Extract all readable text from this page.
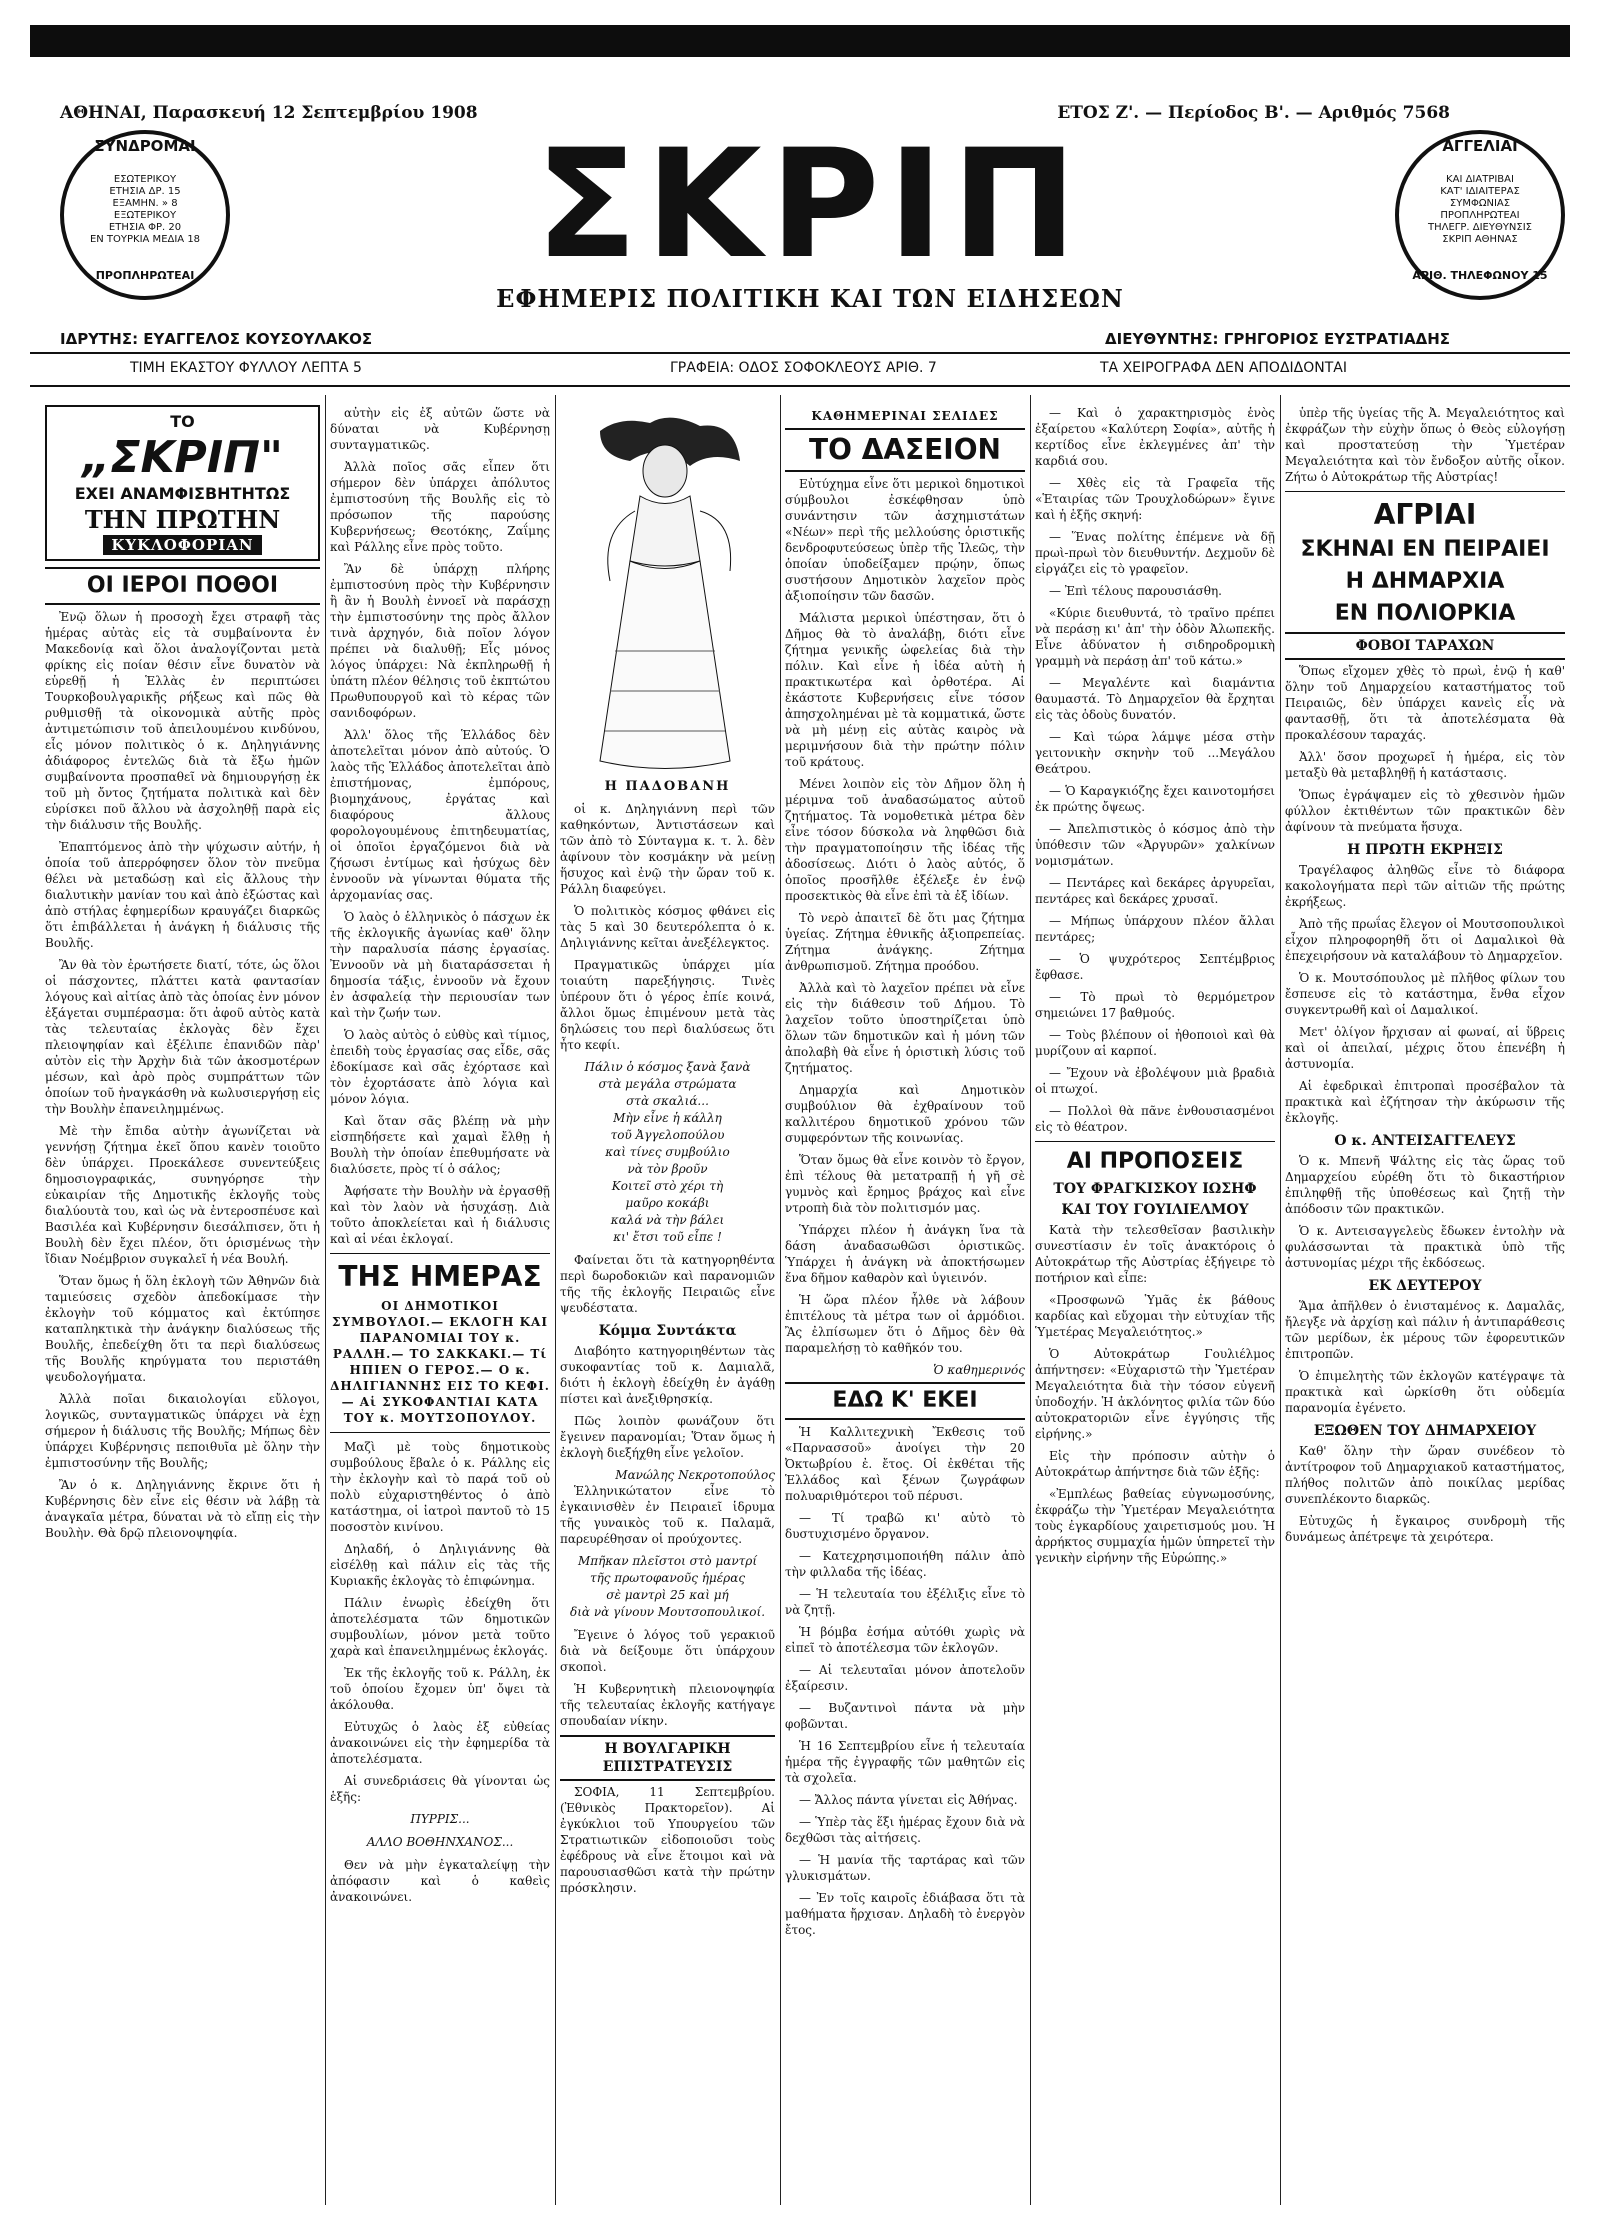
ΑΘΗΝΑΙ, Παρασκευή 12 Σεπτεμβρίου 1908	ΕΤΟΣ Ζ'. — Περίοδος Β'. — Αριθμός 7568
ΣΥΝΔΡΟΜΑΙ
ΕΣΩΤΕΡΙΚΟΥ
ΕΤΗΣΙΑ ΔΡ. 15
ΕΞΑΜΗΝ. » 8
ΕΞΩΤΕΡΙΚΟΥ
ΕΤΗΣΙΑ ΦΡ. 20
ΕΝ ΤΟΥΡΚΙΑ ΜΕΔΙΑ 18
ΠΡΟΠΛΗΡΩΤΕΑΙ	ΣΚΡΙΠ
ΕΦΗΜΕΡΙΣ ΠΟΛΙΤΙΚΗ ΚΑΙ ΤΩΝ ΕΙΔΗΣΕΩΝ
ΑΓΓΕΛΙΑΙ
ΚΑΙ ΔΙΑΤΡΙΒΑΙ
ΚΑΤ' ΙΔΙΑΙΤΕΡΑΣ
ΣΥΜΦΩΝΙΑΣ
ΠΡΟΠΛΗΡΩΤΕΑΙ
ΤΗΛΕΓΡ. ΔΙΕΥΘΥΝΣΙΣ
ΣΚΡΙΠ ΑΘΗΝΑΣ
ΑΡΙΘ. ΤΗΛΕΦΩΝΟΥ 15
ΙΔΡΥΤΗΣ: ΕΥΑΓΓΕΛΟΣ ΚΟΥΣΟΥΛΑΚΟΣ	ΔΙΕΥΘΥΝΤΗΣ: ΓΡΗΓΟΡΙΟΣ ΕΥΣΤΡΑΤΙΑΔΗΣ
ΤΙΜΗ ΕΚΑΣΤΟΥ ΦΥΛΛΟΥ ΛΕΠΤΑ 5	ΓΡΑΦΕΙΑ: ΟΔΟΣ ΣΟΦΟΚΛΕΟΥΣ ΑΡΙΘ. 7	ΤΑ ΧΕΙΡΟΓΡΑΦΑ ΔΕΝ ΑΠΟΔΙΔΟΝΤΑΙ
ΤΟ
„ΣΚΡΙΠ"
ΕΧΕΙ ΑΝΑΜΦΙΣΒΗΤΗΤΩΣ
ΤΗΝ ΠΡΩΤΗΝ
ΚΥΚΛΟΦΟΡΙΑΝ
ΟΙ ΙΕΡΟΙ ΠΟΘΟΙ

Ἐνῷ ὅλων ἡ προσοχὴ ἔχει στραφῆ τὰς ἡμέρας αὐτὰς εἰς τὰ συμβαίνοντα ἐν Μακεδονίᾳ καὶ ὅλοι ἀναλογίζονται μετὰ φρίκης εἰς ποίαν θέσιν εἶνε δυνατὸν νὰ εὑρεθῇ ἡ Ἑλλὰς ἐν περιπτώσει Τουρκοβουλγαρικῆς ρήξεως καὶ πῶς θὰ ρυθμισθῇ τὰ οἰκονομικὰ αὐτῆς πρὸς ἀντιμετώπισιν τοῦ ἀπειλουμένου κινδύνου, εἷς μόνον πολιτικὸς ὁ κ. Δηληγιάννης ἀδιάφορος ἐντελῶς διὰ τὰ ἔξω ἡμῶν συμβαίνοντα προσπαθεῖ νὰ δημιουργήσῃ ἐκ τοῦ μὴ ὄντος ζητήματα πολιτικὰ καὶ δὲν εὑρίσκει ποῦ ἄλλου νὰ ἀσχοληθῇ παρὰ εἰς τὴν διάλυσιν τῆς Βουλῆς.

Ἐπαπτόμενος ἀπὸ τὴν ψύχωσιν αὐτήν, ἡ ὁποία τοῦ ἀπερρόφησεν ὅλον τὸν πνεῦμα θέλει νὰ μεταδώσῃ καὶ εἰς ἄλλους τὴν διαλυτικὴν μανίαν του καὶ ἀπὸ ἐξώστας καὶ ἀπὸ στήλας ἐφημερίδων κραυγάζει διαρκῶς ὅτι ἐπιβάλλεται ἡ ἀνάγκη ἡ διάλυσις τῆς Βουλῆς.

Ἂν θὰ τὸν ἐρωτήσετε διατί, τότε, ὡς ὅλοι οἱ πάσχοντες, πλάττει κατὰ φαντασίαν λόγους καὶ αἰτίας ἀπὸ τὰς ὁποίας ἐνν μόνον ἐξάγεται συμπέρασμα: ὅτι ἀφοῦ αὐτὸς κατὰ τὰς τελευταίας ἐκλογὰς δὲν ἔχει πλειοψηφίαν καὶ ἐξέλιπε ἐπανιδῶν πὰρ' αὐτὸν εἰς τὴν Ἀρχὴν διὰ τῶν ἀκοσμοτέρων μέσων, καὶ ἀρὸ πρὸς συμπράττων τῶν ὁποίων τοῦ ἠναγκάσθη νὰ κωλυσιεργήσῃ εἰς τὴν Βουλὴν ἐπανειλημμένως.

Μὲ τὴν ἔπιδα αὐτὴν ἀγωνίζεται νὰ γεννήσῃ ζήτημα ἐκεῖ ὅπου κανὲν τοιοῦτο δὲν ὑπάρχει. Προεκάλεσε συνεντεύξεις δημοσιογραφικάς, συνηγόρησε τὴν εὐκαιρίαν τῆς Δημοτικῆς ἐκλογῆς τοὺς διαλύουτὰ του, καὶ ὡς νὰ ἐντεροσπέυσε καὶ Βασιλέα καὶ Κυβέρνησιν διεσάλπισεν, ὅτι ἡ Βουλὴ δὲν ἔχει πλέον, ὅτι ὁρισμένως τὴν ἴδιαν Νοέμβριον συγκαλεῖ ἡ νέα Βουλή.

Ὅταν ὅμως ἡ ὅλη ἐκλογὴ τῶν Ἀθηνῶν διὰ ταμιεύσεις σχεδὸν ἀπεδοκίμασε τὴν ἐκλογὴν τοῦ κόμματος καὶ ἐκτύπησε καταπληκτικὰ τὴν ἀνάγκην διαλύσεως τῆς Βουλῆς, ἐπεδείχθη ὅτι τα περὶ διαλύσεως τῆς Βουλῆς κηρύγματα του περιστάθη ψευδολογήματα.

Ἀλλὰ ποῖαι δικαιολογίαι εὔλογοι, λογικῶς, συνταγματικῶς ὑπάρχει νὰ ἐχῃ σήμερον ἡ διάλυσις τῆς Βουλῆς; Μήπως δὲν ὑπάρχει Κυβέρνησις πεποιθυῖα μὲ ὅλην τὴν ἐμπιστοσύνην τῆς Βουλῆς;

Ἂν ὁ κ. Δηληγιάννης ἔκρινε ὅτι ἡ Κυβέρνησις δὲν εἶνε εἰς θέσιν νὰ λάβῃ τὰ ἀναγκαῖα μέτρα, δύναται νὰ τὸ εἴπῃ εἰς τὴν Βουλὴν. Θὰ δρῷ πλειονοψηφία.

αὐτὴν εἰς ἐξ αὐτῶν ὥστε νὰ δύναται νὰ Κυβέρνησῃ συνταγματικῶς.

Ἀλλὰ ποῖος σᾶς εἶπεν ὅτι σήμερον δὲν ὑπάρχει ἀπόλυτος ἐμπιστοσύνη τῆς Βουλῆς εἰς τὸ πρόσωπον τῆς παρούσης Κυβερνήσεως; Θεοτόκης, Ζαΐμης καὶ Ράλλης εἶνε πρὸς τοῦτο.

Ἂν δὲ ὑπάρχῃ πλήρης ἐμπιστοσύνη πρὸς τὴν Κυβέρνησιν ἢ ἂν ἡ Βουλὴ ἐννοεῖ νὰ παράσχῃ τὴν ἐμπιστοσύνην της πρὸς ἄλλον τινὰ ἀρχηγόν, διὰ ποῖον λόγον πρέπει νὰ διαλυθῇ; Εἷς μόνος λόγος ὑπάρχει: Νὰ ἐκπληρωθῇ ἡ ὑπάτη πλέον θέλησις τοῦ ἐκπτώτου Πρωθυπουργοῦ καὶ τὸ κέρας τῶν σανιδοφόρων.

Ἀλλ' ὅλος τῆς Ἑλλάδος δὲν ἀποτελεῖται μόνον ἀπὸ αὐτούς. Ὁ λαὸς τῆς Ἑλλάδος ἀποτελεῖται ἀπὸ ἐπιστήμονας, ἐμπόρους, βιομηχάνους, ἐργάτας καὶ διαφόρους ἄλλους φορολογουμένους ἐπιτηδευματίας, οἱ ὁποῖοι ἐργαζόμενοι διὰ νὰ ζήσωσι ἐντίμως καὶ ἡσύχως δὲν ἐννοοῦν νὰ γίνωνται θύματα τῆς ἀρχομανίας σας.

Ὁ λαὸς ὁ ἑλληνικὸς ὁ πάσχων ἐκ τῆς ἐκλογικῆς ἀγωνίας καθ' ὅλην τὴν παραλυσία πάσης ἐργασίας. Ἐννοοῦν νὰ μὴ διαταράσσεται ἡ δημοσία τάξις, ἐννοοῦν νὰ ἔχουν ἐν ἀσφαλείᾳ τὴν περιουσίαν των καὶ τὴν ζωήν των.

Ὁ λαὸς αὐτὸς ὁ εὐθὺς καὶ τίμιος, ἐπειδὴ τοὺς ἐργασίας σας εἶδε, σᾶς ἐδοκίμασε καὶ σᾶς ἐχόρτασε καὶ τὸν ἐχορτάσατε ἀπὸ λόγια καὶ μόνον λόγια.

Καὶ ὅταν σᾶς βλέπῃ νὰ μὴν εἰσπηδήσετε καὶ χαμαὶ ἔλθῃ ἡ Βουλὴ τὴν ὁποίαν ἐπεθυμήσατε νὰ διαλύσετε, πρὸς τί ὁ σάλος;

Ἀφήσατε τὴν Βουλὴν νὰ ἐργασθῇ καὶ τὸν λαὸν νὰ ἡσυχάσῃ. Διὰ τοῦτο ἀποκλείεται καὶ ἡ διάλυσις καὶ αἱ νέαι ἐκλογαί.

ΤΗΣ ΗΜΕΡΑΣ
ΟΙ ΔΗΜΟΤΙΚΟΙ ΣΥΜΒΟΥΛΟΙ.— ΕΚΛΟΓΗ ΚΑΙ ΠΑΡΑΝΟΜΙΑΙ ΤΟΥ κ. ΡΑΛΛΗ.— ΤΟ ΣΑΚΚΑΚΙ.— Τί ΗΠΙΕΝ Ο ΓΕΡΟΣ.— Ο κ. ΔΗΛΙΓΙΑΝΝΗΣ ΕΙΣ ΤΟ ΚΕΦΙ.— Αἱ ΣΥΚΟΦΑΝΤΙΑΙ ΚΑΤΑ ΤΟΥ κ. ΜΟΥΤΣΟΠΟΥΛΟΥ.

Μαζὶ μὲ τοὺς δημοτικοὺς συμβούλους ἔβαλε ὁ κ. Ράλλης εἰς τὴν ἐκλογὴν καὶ τὸ παρά τοῦ οὐ πολὺ εὐχαριστηθέντος ὁ ἀπὸ κατάστημα, οἱ ἰατροὶ παντοῦ τὸ 15 ποσοστὸν κινίνου.

Δηλαδή, ὁ Δηλιγιάννης θὰ εἰσέλθῃ καὶ πάλιν εἰς τὰς τῆς Κυριακῆς ἐκλογὰς τὸ ἐπιφώνημα.

Πάλιν ἐνωρὶς ἐδείχθη ὅτι ἀποτελέσματα τῶν δημοτικῶν συμβουλίων, μόνον μετὰ τοῦτο χαρὰ καὶ ἐπανειλημμένως ἐκλογάς.

Ἐκ τῆς ἐκλογῆς τοῦ κ. Ράλλη, ἐκ τοῦ ὁποίου ἔχομεν ὑπ' ὄψει τὰ ἀκόλουθα.

Εὐτυχῶς ὁ λαὸς ἐξ εὐθείας ἀνακοινώνει εἰς τὴν ἐφημερίδα τὰ ἀποτελέσματα.

Αἱ συνεδριάσεις θὰ γίνονται ὡς ἑξῆς:

ΠΥΡΡΙΣ...
ΑΛΛΟ ΒΟΘΗΝΧΑΝΟΣ...

Θεν νὰ μὴν ἐγκαταλείψῃ τὴν ἀπόφασιν καὶ ὁ καθεὶς ἀνακοινώνει.

Η ΠΑΔΟΒΑΝΗ

οἱ κ. Δηληγιάννη περὶ τῶν καθηκόντων, Ἀντιστάσεων καὶ τῶν ἀπὸ τὸ Σύνταγμα κ. τ. λ. δὲν ἀφίνουν τὸν κοσμάκην νὰ μείνῃ ἥσυχος καὶ ἐνῷ τὴν ὥραν τοῦ κ. Ράλλη διαφεύγει.

Ὁ πολιτικὸς κόσμος φθάνει εἰς τὰς 5 καὶ 30 δευτερόλεπτα ὁ κ. Δηλιγιάννης κεῖται ἀνεξέλεγκτος.

Πραγματικῶς ὑπάρχει μία τοιαύτη παρεξήγησις. Τινὲς ὑπέρουν ὅτι ὁ γέρος ἐπίε κοινά, ἄλλοι ὅμως ἐπιμένουν μετὰ τὰς δηλώσεις του περὶ διαλύσεως ὅτι ἦτο κεφίι.

Πάλιν ὁ κόσμος ξανὰ ξανὰ
στὰ μεγάλα στρώματα
στὰ σκαλιά...
Μὴν εἶνε ἡ κάλλη
τοῦ Ἀγγελοπούλου
καὶ τίνες συμβούλιο
νὰ τὸν βροῦν
Κοιτεῖ στὸ χέρι τὴ
μαῦρο κοκάβι
καλά νὰ τὴν βάλει
κι' ἔτσι τοῦ εἶπε !

Φαίνεται ὅτι τὰ κατηγορηθέντα περὶ δωροδοκιῶν καὶ παρανομιῶν τῆς τῆς ἐκλογῆς Πειραιῶς εἶνε ψευδέστατα.

Κόμμα Συντάκτα

Διαβόητο κατηγοριηθέντων τὰς συκοφαντίας τοῦ κ. Δαμιαλᾶ, διότι ἡ ἐκλογὴ ἐδείχθη ἐν ἀγάθῃ πίστει καὶ ἀνεξιθρησκίᾳ.

Πῶς λοιπὸν φωνάζουν ὅτι ἔγεινεν παρανομίαι; Ὅταν ὅμως ἡ ἐκλογὴ διεξήχθη εἶνε γελοῖον.

Μανώλης Νεκροτοπούλος

Ἑλληνικώτατον εἶνε τὸ ἐγκαινισθὲν ἐν Πειραιεῖ ἱδρυμα τῆς γυναικὸς τοῦ κ. Παλαμᾶ, παρευρέθησαν οἱ προύχοντες.

Μπῆκαν πλεῖστοι στὸ μαντρί
τῆς πρωτοφανοῦς ἡμέρας
σὲ μαντρὶ 25 καὶ μή
διὰ νὰ γίνουν Μουτσοπουλικοί.

Ἔγεινε ὁ λόγος τοῦ γερακιοῦ διὰ νὰ δείξουμε ὅτι ὑπάρχουν σκοποὶ.

Ἡ Κυβερνητικὴ πλειονοψηφία τῆς τελευταίας ἐκλογῆς κατήγαγε σπουδαίαν νίκην.

Η ΒΟΥΛΓΑΡΙΚΗ ΕΠΙΣΤΡΑΤΕΥΣΙΣ

ΣΟΦΙΑ, 11 Σεπτεμβρίου. (Ἐθνικὸς Πρακτορεῖον). Αἱ ἐγκύκλιοι τοῦ Υπουργείου τῶν Στρατιωτικῶν εἰδοποιοῦσι τοὺς ἐφέδρους νὰ εἶνε ἕτοιμοι καὶ νὰ παρουσιασθῶσι κατὰ τὴν πρώτην πρόσκλησιν.

ΚΑΘΗΜΕΡΙΝΑΙ ΣΕΛΙΔΕΣ
ΤΟ ΔΑΣΕΙΟΝ

Εὐτύχημα εἶνε ὅτι μερικοὶ δημοτικοὶ σύμβουλοι ἐσκέφθησαν ὑπὸ συνάντησιν τῶν ἀσχημιστάτων «Νέων» περὶ τῆς μελλούσης ὁριστικῆς δενδροφυτεύσεως ὑπὲρ τῆς Ἱλεῶς, τὴν ὁποίαν ὑποδείξαμεν πρῴην, ὅπως συστήσουν Δημοτικὸν λαχεῖον πρὸς ἀξιοποίησιν τῶν δασῶν.

Μάλιστα μερικοὶ ὑπέστησαν, ὅτι ὁ Δῆμος θὰ τὸ ἀναλάβῃ, διότι εἶνε ζήτημα γενικῆς ὠφελείας διὰ τὴν πόλιν. Καὶ εἶνε ἡ ἰδέα αὐτὴ ἡ πρακτικωτέρα καὶ ὀρθοτέρα. Αἱ ἐκάστοτε Κυβερνήσεις εἶνε τόσον ἀπησχολημέναι μὲ τὰ κομματικά, ὥστε νὰ μὴ μένῃ εἰς αὐτὰς καιρὸς νὰ μεριμνήσουν διὰ τὴν πρώτην πόλιν τοῦ κράτους.

Μένει λοιπὸν εἰς τὸν Δῆμον ὅλη ἡ μέριμνα τοῦ ἀναδασώματος αὐτοῦ ζητήματος. Τὰ νομοθετικὰ μέτρα δὲν εἶνε τόσον δύσκολα νὰ ληφθῶσι διὰ τὴν πραγματοποίησιν τῆς ἰδέας τῆς ἀδοσίσεως. Διότι ὁ λαὸς αὐτός, ὅ ὁποῖος προσῆλθε ἐξέλεξε ἐν ἐνῷ προσεκτικὸς θὰ εἶνε ἐπὶ τὰ ἐξ ἰδίων.

Τὸ νερὸ ἀπαιτεῖ δὲ ὅτι μας ζήτημα ὑγείας. Ζήτημα ἐθνικῆς ἀξιοπρεπείας. Ζήτημα ἀνάγκης. Ζήτημα ἀνθρωπισμοῦ. Ζήτημα προόδου.

Ἀλλὰ καὶ τὸ λαχεῖον πρέπει νὰ εἶνε εἰς τὴν διάθεσιν τοῦ Δήμου. Τὸ λαχεῖον τοῦτο ὑποστηρίζεται ὑπὸ ὅλων τῶν δημοτικῶν καὶ ἡ μόνη τῶν ἀπολαβὴ θὰ εἶνε ἡ ὁριστικὴ λύσις τοῦ ζητήματος.

Δημαρχία καὶ Δημοτικὸν συμβούλιον θὰ ἐχθραίνουν τοῦ καλλιτέρου δημοτικοῦ χρόνου τῶν συμφερόντων τῆς κοινωνίας.

Ὅταν ὅμως θὰ εἶνε κοινὸν τὸ ἔργον, ἐπὶ τέλους θὰ μετατραπῇ ἡ γῆ σὲ γυμνὸς καὶ ἔρημος βράχος καὶ εἶνε ντροπὴ διὰ τὸν πολιτισμόν μας.

Ὑπάρχει πλέον ἡ ἀνάγκη ἵνα τὰ δάση ἀναδασωθῶσι ὁριστικῶς. Ὑπάρχει ἡ ἀνάγκη νὰ ἀποκτήσωμεν ἕνα δῆμον καθαρὸν καὶ ὑγιεινόν.

Ἡ ὥρα πλέον ἦλθε νὰ λάβουν ἐπιτέλους τὰ μέτρα των οἱ ἁρμόδιοι. Ἂς ἐλπίσωμεν ὅτι ὁ Δῆμος δὲν θὰ παραμελήσῃ τὸ καθῆκόν του.

Ὁ καθημερινός
ΕΔΩ Κ' ΕΚΕΙ

Ἡ Καλλιτεχνικὴ Ἔκθεσις τοῦ «Παρνασσοῦ» ἀνοίγει τὴν 20 Ὀκτωβρίου ἐ. ἔτος. Οἱ ἐκθέται τῆς Ἑλλάδος καὶ ξένων ζωγράφων πολυαριθμότεροι τοῦ πέρυσι.

— Τί τραβῶ κι' αὐτὸ τὸ δυστυχισμένο ὄργανον.

— Κατεχρησιμοποιήθη πάλιν ἀπὸ τὴν φιλλαδα τῆς ἰδέας.

— Ἡ τελευταία του ἐξέλιξις εἶνε τὸ νὰ ζητῇ.

Ἡ βόμβα ἐσήμα αὐτόθι χωρὶς νὰ εἰπεῖ τὸ ἀποτέλεσμα τῶν ἐκλογῶν.

— Αἱ τελευταῖαι μόνον ἀποτελοῦν ἐξαίρεσιν.

— Βυζαντινοὶ πάντα νὰ μὴν φοβῶνται.

Ἡ 16 Σεπτεμβρίου εἶνε ἡ τελευταία ἡμέρα τῆς ἐγγραφῆς τῶν μαθητῶν εἰς τὰ σχολεῖα.

— Ἄλλος πάντα γίνεται εἰς Ἀθήνας.

— Ὑπὲρ τὰς ἕξι ἡμέρας ἔχουν διὰ νὰ δεχθῶσι τὰς αἰτήσεις.

— Ἡ μανία τῆς ταρτάρας καὶ τῶν γλυκισμάτων.

— Ἐν τοῖς καιροῖς ἐδιάβασα ὅτι τὰ μαθήματα ἤρχισαν. Δηλαδὴ τὸ ἐνεργὸν ἔτος.

— Καὶ ὁ χαρακτηρισμὸς ἑνὸς ἐξαίρετου «Καλύτερη Σοφία», αὐτῆς ἡ κερτίδος εἶνε ἐκλεγμένες ἀπ' τὴν καρδιά σου.

— Χθὲς εἰς τὰ Γραφεῖα τῆς «Ἑταιρίας τῶν Τρουχλοδώρων» ἔγινε καὶ ἡ ἑξῆς σκηνή:

— Ἕνας πολίτης ἐπέμενε νὰ δῇ πρωὶ-πρωὶ τὸν διευθυντήν. Δεχμοῦν δὲ εἰργάζει εἰς τὸ γραφεῖον.

— Ἐπὶ τέλους παρουσιάσθη.

«Κύριε διευθυντά, τὸ τραῖνο πρέπει νὰ περάσῃ κι' ἀπ' τὴν ὁδὸν Ἀλωπεκῆς. Εἶνε ἀδύνατον ἡ σιδηροδρομικὴ γραμμὴ νὰ περάσῃ ἀπ' τοῦ κάτω.»

— Μεγαλέντε καὶ διαμάντια θαυμαστά. Τὸ Δημαρχεῖον θὰ ἔρχηται εἰς τὰς ὁδοὺς δυνατόν.

— Καὶ τώρα λάμψε μέσα στὴν γειτονικὴν σκηνὴν τοῦ ...Μεγάλου Θεάτρου.

— Ὁ Καραγκιόζης ἔχει καινοτομήσει ἐκ πρώτης ὄψεως.

— Ἀπελπιστικὸς ὁ κόσμος ἀπὸ τὴν ὑπόθεσιν τῶν «Ἀργυρῶν» χαλκίνων νομισμάτων.

— Πεντάρες καὶ δεκάρες ἀργυρεῖαι, πεντάρες καὶ δεκάρες χρυσαῖ.

— Μήπως ὑπάρχουν πλέον ἄλλαι πεντάρες;

— Ὁ ψυχρότερος Σεπτέμβριος ἔφθασε.

— Τὸ πρωὶ τὸ θερμόμετρον σημειώνει 17 βαθμούς.

— Τοὺς βλέπουν οἱ ἠθοποιοὶ καὶ θὰ μυρίζουν αἱ καρποί.

— Ἔχουν νὰ ἐβολέψουν μιὰ βραδιὰ οἱ πτωχοί.

— Πολλοὶ θὰ πᾶνε ἐνθουσιασμένοι εἰς τὸ θέατρον.

ΑΙ ΠΡΟΠΟΣΕΙΣ
ΤΟΥ ΦΡΑΓΚΙΣΚΟΥ ΙΩΣΗΦ
ΚΑΙ ΤΟΥ ΓΟΥΙΛΙΕΛΜΟΥ

Κατὰ τὴν τελεσθεῖσαν βασιλικὴν συνεστίασιν ἐν τοῖς ἀνακτόροις ὁ Αὐτοκράτωρ τῆς Αὐστρίας ἐξήγειρε τὸ ποτήριον καὶ εἶπε:

«Προσφωνῶ Ὑμᾶς ἐκ βάθους καρδίας καὶ εὔχομαι τὴν εὐτυχίαν τῆς Ὑμετέρας Μεγαλειότητος.»

Ὁ Αὐτοκράτωρ Γουλιέλμος ἀπήντησεν: «Εὐχαριστῶ τὴν Ὑμετέραν Μεγαλειότητα διὰ τὴν τόσον εὐγενῆ ὑποδοχήν. Ἡ ἀκλόνητος φιλία τῶν δύο αὐτοκρατοριῶν εἶνε ἐγγύησις τῆς εἰρήνης.»

Εἰς τὴν πρόποσιν αὐτὴν ὁ Αὐτοκράτωρ ἀπήντησε διὰ τῶν ἑξῆς:

«Ἐμπλέως βαθείας εὐγνωμοσύνης, ἐκφράζω τὴν Ὑμετέραν Μεγαλειότητα τοὺς ἐγκαρδίους χαιρετισμούς μου. Ἡ ἀρρήκτος συμμαχία ἡμῶν ὑπηρετεῖ τὴν γενικὴν εἰρήνην τῆς Εὐρώπης.»

ὑπὲρ τῆς ὑγείας τῆς Ἀ. Μεγαλειότητος καὶ ἐκφράζων τὴν εὐχὴν ὅπως ὁ Θεὸς εὐλογήσῃ καὶ προστατεύσῃ τὴν Ὑμετέραν Μεγαλειότητα καὶ τὸν ἔνδοξον αὐτῆς οἶκον. Ζήτω ὁ Αὐτοκράτωρ τῆς Αὐστρίας!

ΑΓΡΙΑΙ
ΣΚΗΝΑΙ ΕΝ ΠΕΙΡΑΙΕΙ
Η ΔΗΜΑΡΧΙΑ
ΕΝ ΠΟΛΙΟΡΚΙΑ
ΦΟΒΟΙ ΤΑΡΑΧΩΝ

Ὅπως εἴχομεν χθὲς τὸ πρωὶ, ἐνῷ ἡ καθ' ὅλην τοῦ Δημαρχείου καταστήματος τοῦ Πειραιῶς, δὲν ὑπάρχει κανεὶς εἷς νὰ φαντασθῇ, ὅτι τὰ ἀποτελέσματα θὰ προκαλέσουν ταραχάς.

Ἀλλ' ὅσον προχωρεῖ ἡ ἡμέρα, εἰς τὸν μεταξὺ θὰ μεταβληθῇ ἡ κατάστασις.

Ὅπως ἐγράψαμεν εἰς τὸ χθεσινὸν ἡμῶν φύλλον ἐκτιθέντων τῶν πρακτικῶν δὲν ἀφίνουν τὰ πνεύματα ἥσυχα.

Η ΠΡΩΤΗ ΕΚΡΗΞΙΣ

Τραγέλαφος ἀληθῶς εἶνε τὸ διάφορα κακολογήματα περὶ τῶν αἰτιῶν τῆς πρώτης ἐκρήξεως.

Ἀπὸ τῆς πρωΐας ἔλεγον οἱ Μουτσοπουλικοὶ εἶχον πληροφορηθῆ ὅτι οἱ Δαμαλικοὶ θὰ ἐπεχειρήσουν νὰ καταλάβουν τὸ Δημαρχεῖον.

Ὁ κ. Μουτσόπουλος μὲ πλῆθος φίλων του ἔσπευσε εἰς τὸ κατάστημα, ἔνθα εἶχον συγκεντρωθῆ καὶ οἱ Δαμαλικοί.

Μετ' ὀλίγον ἤρχισαν αἱ φωναί, αἱ ὕβρεις καὶ οἱ ἀπειλαί, μέχρις ὅτου ἐπενέβη ἡ ἀστυνομία.

Αἱ ἐφεδρικαὶ ἐπιτροπαὶ προσέβαλον τὰ πρακτικὰ καὶ ἐζήτησαν τὴν ἀκύρωσιν τῆς ἐκλογῆς.

Ο κ. ΑΝΤΕΙΣΑΓΓΕΛΕΥΣ

Ὁ κ. Μπενῆ Ψάλτης εἰς τὰς ὥρας τοῦ Δημαρχείου εὑρέθη ὅτι τὸ δικαστήριον ἐπιληφθῇ τῆς ὑποθέσεως καὶ ζητῇ τὴν ἀπόδοσιν τῶν πρακτικῶν.

Ὁ κ. Αντεισαγγελεὺς ἔδωκεν ἐντολὴν νὰ φυλάσσωνται τὰ πρακτικὰ ὑπὸ τῆς ἀστυνομίας μέχρι τῆς ἐκδόσεως.

ΕΚ ΔΕΥΤΕΡΟΥ

Ἅμα ἀπῆλθεν ὁ ἐνισταμένος κ. Δαμαλᾶς, ἤλεγξε νὰ ἀρχίσῃ καὶ πάλιν ἡ ἀντιπαράθεσις τῶν μερίδων, ἐκ μέρους τῶν ἐφορευτικῶν ἐπιτροπῶν.

Ὁ ἐπιμελητὴς τῶν ἐκλογῶν κατέγραψε τὰ πρακτικὰ καὶ ὡρκίσθη ὅτι οὐδεμία παρανομία ἐγένετο.

ΕΞΩΘΕΝ ΤΟΥ ΔΗΜΑΡΧΕΙΟΥ

Καθ' ὅλην τὴν ὥραν συνέδεον τὸ ἀντίτροφον τοῦ Δημαρχιακοῦ καταστήματος, πλήθος πολιτῶν ἀπὸ ποικίλας μερίδας συνεπλέκοντο διαρκῶς.

Εὐτυχῶς ἡ ἔγκαιρος συνδρομὴ τῆς δυνάμεως ἀπέτρεψε τὰ χειρότερα.
